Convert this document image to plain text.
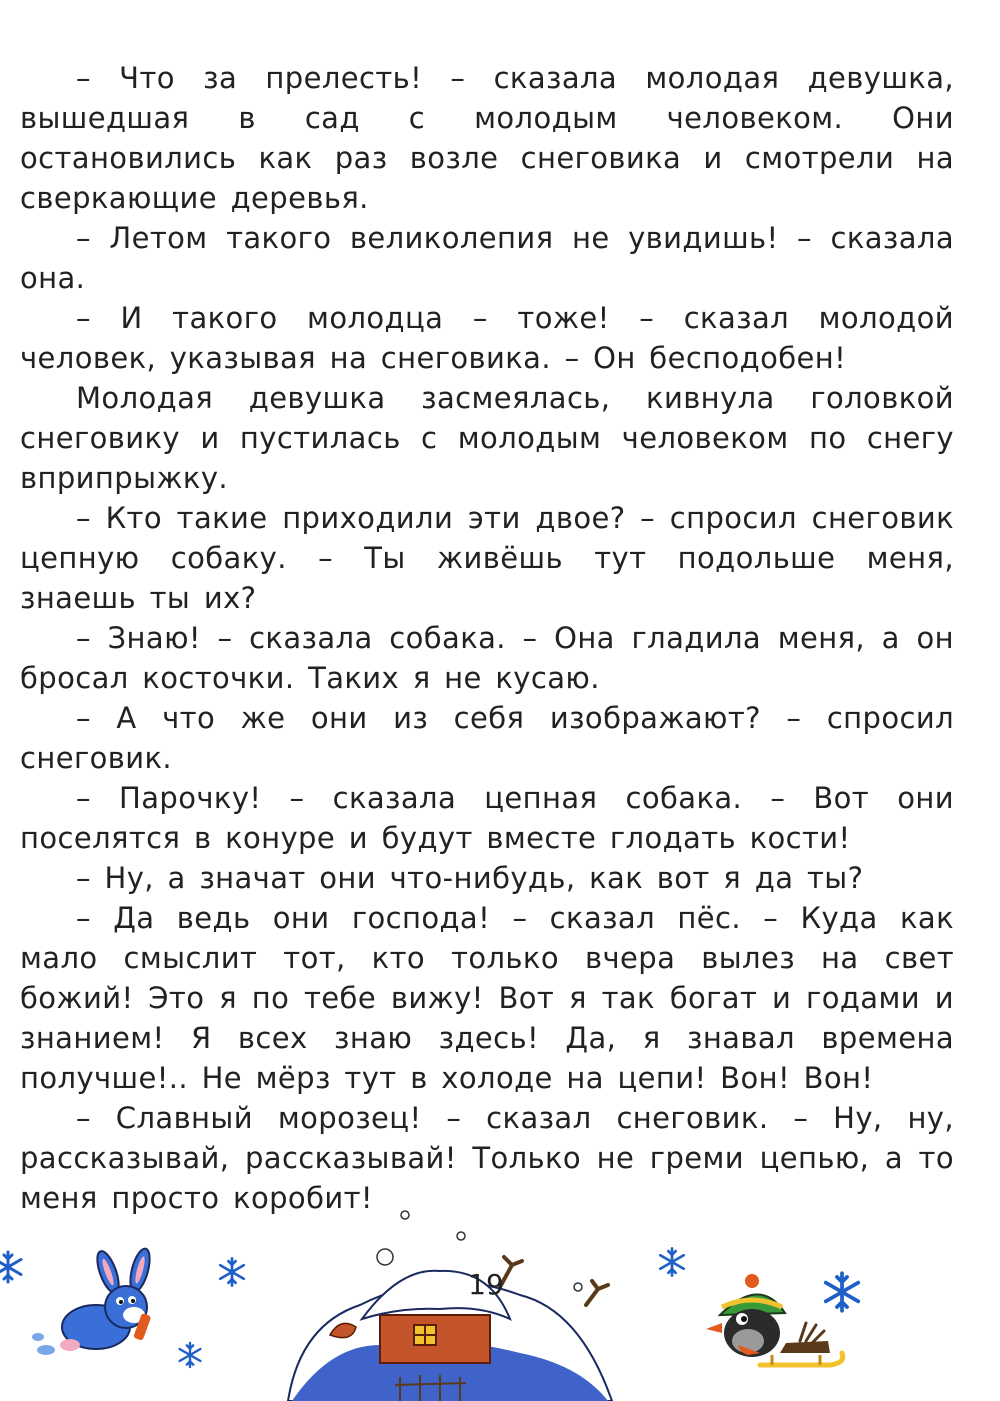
– Что за прелесть! – сказала молодая девушка, вышедшая в сад с молодым человеком. Они остановились как раз возле снеговика и смотрели на сверкающие деревья.

– Летом такого великолепия не увидишь! – сказала она.

– И такого молодца – тоже! – сказал молодой человек, указывая на снеговика. – Он бесподобен!

Молодая девушка засмеялась, кивнула головкой снеговику и пустилась с молодым человеком по снегу вприпрыжку.

– Кто такие приходили эти двое? – спросил снеговик цепную собаку. – Ты живёшь тут подольше меня, знаешь ты их?

– Знаю! – сказала собака. – Она гладила меня, а он бросал косточки. Таких я не кусаю.

– А что же они из себя изображают? – спросил снеговик.

– Парочку! – сказала цепная собака. – Вот они поселятся в конуре и будут вместе глодать кости!

– Ну, а значат они что-нибудь, как вот я да ты?

– Да ведь они господа! – сказал пёс. – Куда как мало смыслит тот, кто только вчера вылез на свет божий! Это я по тебе вижу! Вот я так богат и годами и знанием! Я всех знаю здесь! Да, я знавал времена получше!.. Не мёрз тут в холоде на цепи! Вон! Вон!

– Славный морозец! – сказал снеговик. – Ну, ну, рассказывай, рассказывай! Только не греми цепью, а то меня просто коробит!

19
